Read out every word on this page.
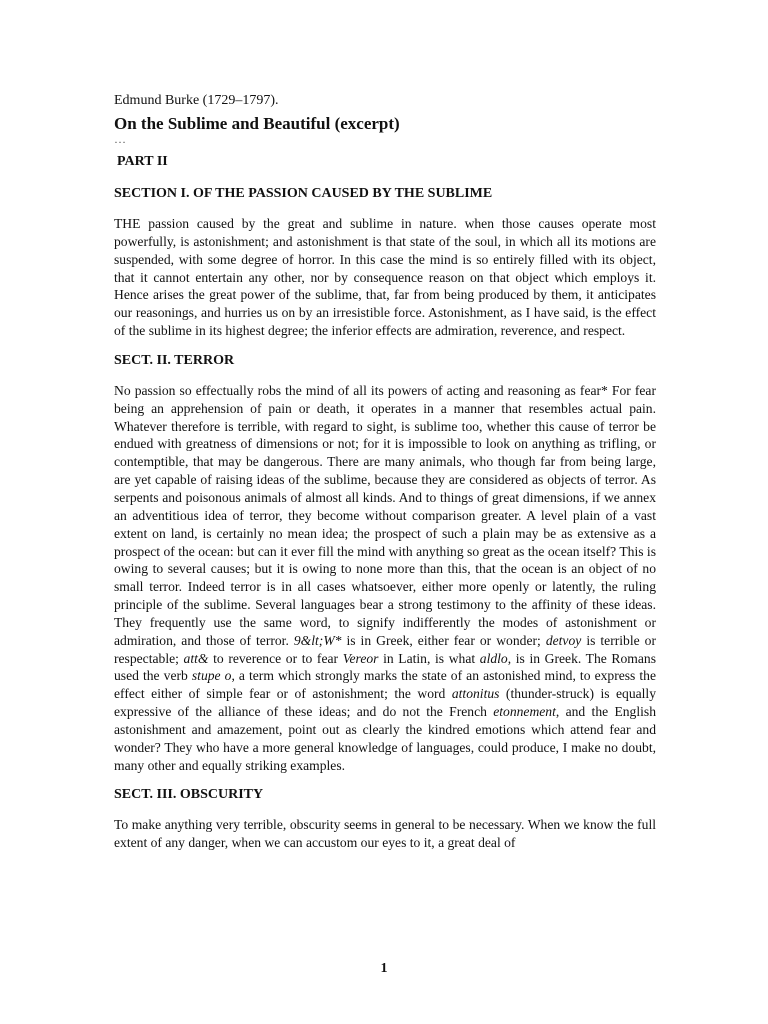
Edmund Burke (1729–1797).
On the Sublime and Beautiful (excerpt)
…
PART II
SECTION I. OF THE PASSION CAUSED BY THE SUBLIME
THE passion caused by the great and sublime in nature. when those causes operate most powerfully, is astonishment; and astonishment is that state of the soul, in which all its motions are suspended, with some degree of horror. In this case the mind is so entirely filled with its object, that it cannot entertain any other, nor by consequence reason on that object which employs it. Hence arises the great power of the sublime, that, far from being produced by them, it anticipates our reasonings, and hurries us on by an irresistible force. Astonishment, as I have said, is the effect of the sublime in its highest degree; the inferior effects are admiration, reverence, and respect.
SECT. II. TERROR
No passion so effectually robs the mind of all its powers of acting and reasoning as fear* For fear being an apprehension of pain or death, it operates in a manner that resembles actual pain. Whatever therefore is terrible, with regard to sight, is sublime too, whether this cause of terror be endued with greatness of dimensions or not; for it is impossible to look on anything as trifling, or contemptible, that may be dangerous. There are many animals, who though far from being large, are yet capable of raising ideas of the sublime, because they are considered as objects of terror. As serpents and poisonous animals of almost all kinds. And to things of great dimensions, if we annex an adventitious idea of terror, they become without comparison greater. A level plain of a vast extent on land, is certainly no mean idea; the prospect of such a plain may be as extensive as a prospect of the ocean: but can it ever fill the mind with anything so great as the ocean itself? This is owing to several causes; but it is owing to none more than this, that the ocean is an object of no small terror. Indeed terror is in all cases whatsoever, either more openly or latently, the ruling principle of the sublime. Several languages bear a strong testimony to the affinity of these ideas. They frequently use the same word, to signify indifferently the modes of astonishment or admiration, and those of terror. 9&lt;W* is in Greek, either fear or wonder; detvoy is terrible or respectable; att& to reverence or to fear Vereor in Latin, is what aldlo, is in Greek. The Romans used the verb stupe o, a term which strongly marks the state of an astonished mind, to express the effect either of simple fear or of astonishment; the word attonitus (thunder-struck) is equally expressive of the alliance of these ideas; and do not the French etonnement, and the English astonishment and amazement, point out as clearly the kindred emotions which attend fear and wonder? They who have a more general knowledge of languages, could produce, I make no doubt, many other and equally striking examples.
SECT. III. OBSCURITY
To make anything very terrible, obscurity seems in general to be necessary. When we know the full extent of any danger, when we can accustom our eyes to it, a great deal of
1
